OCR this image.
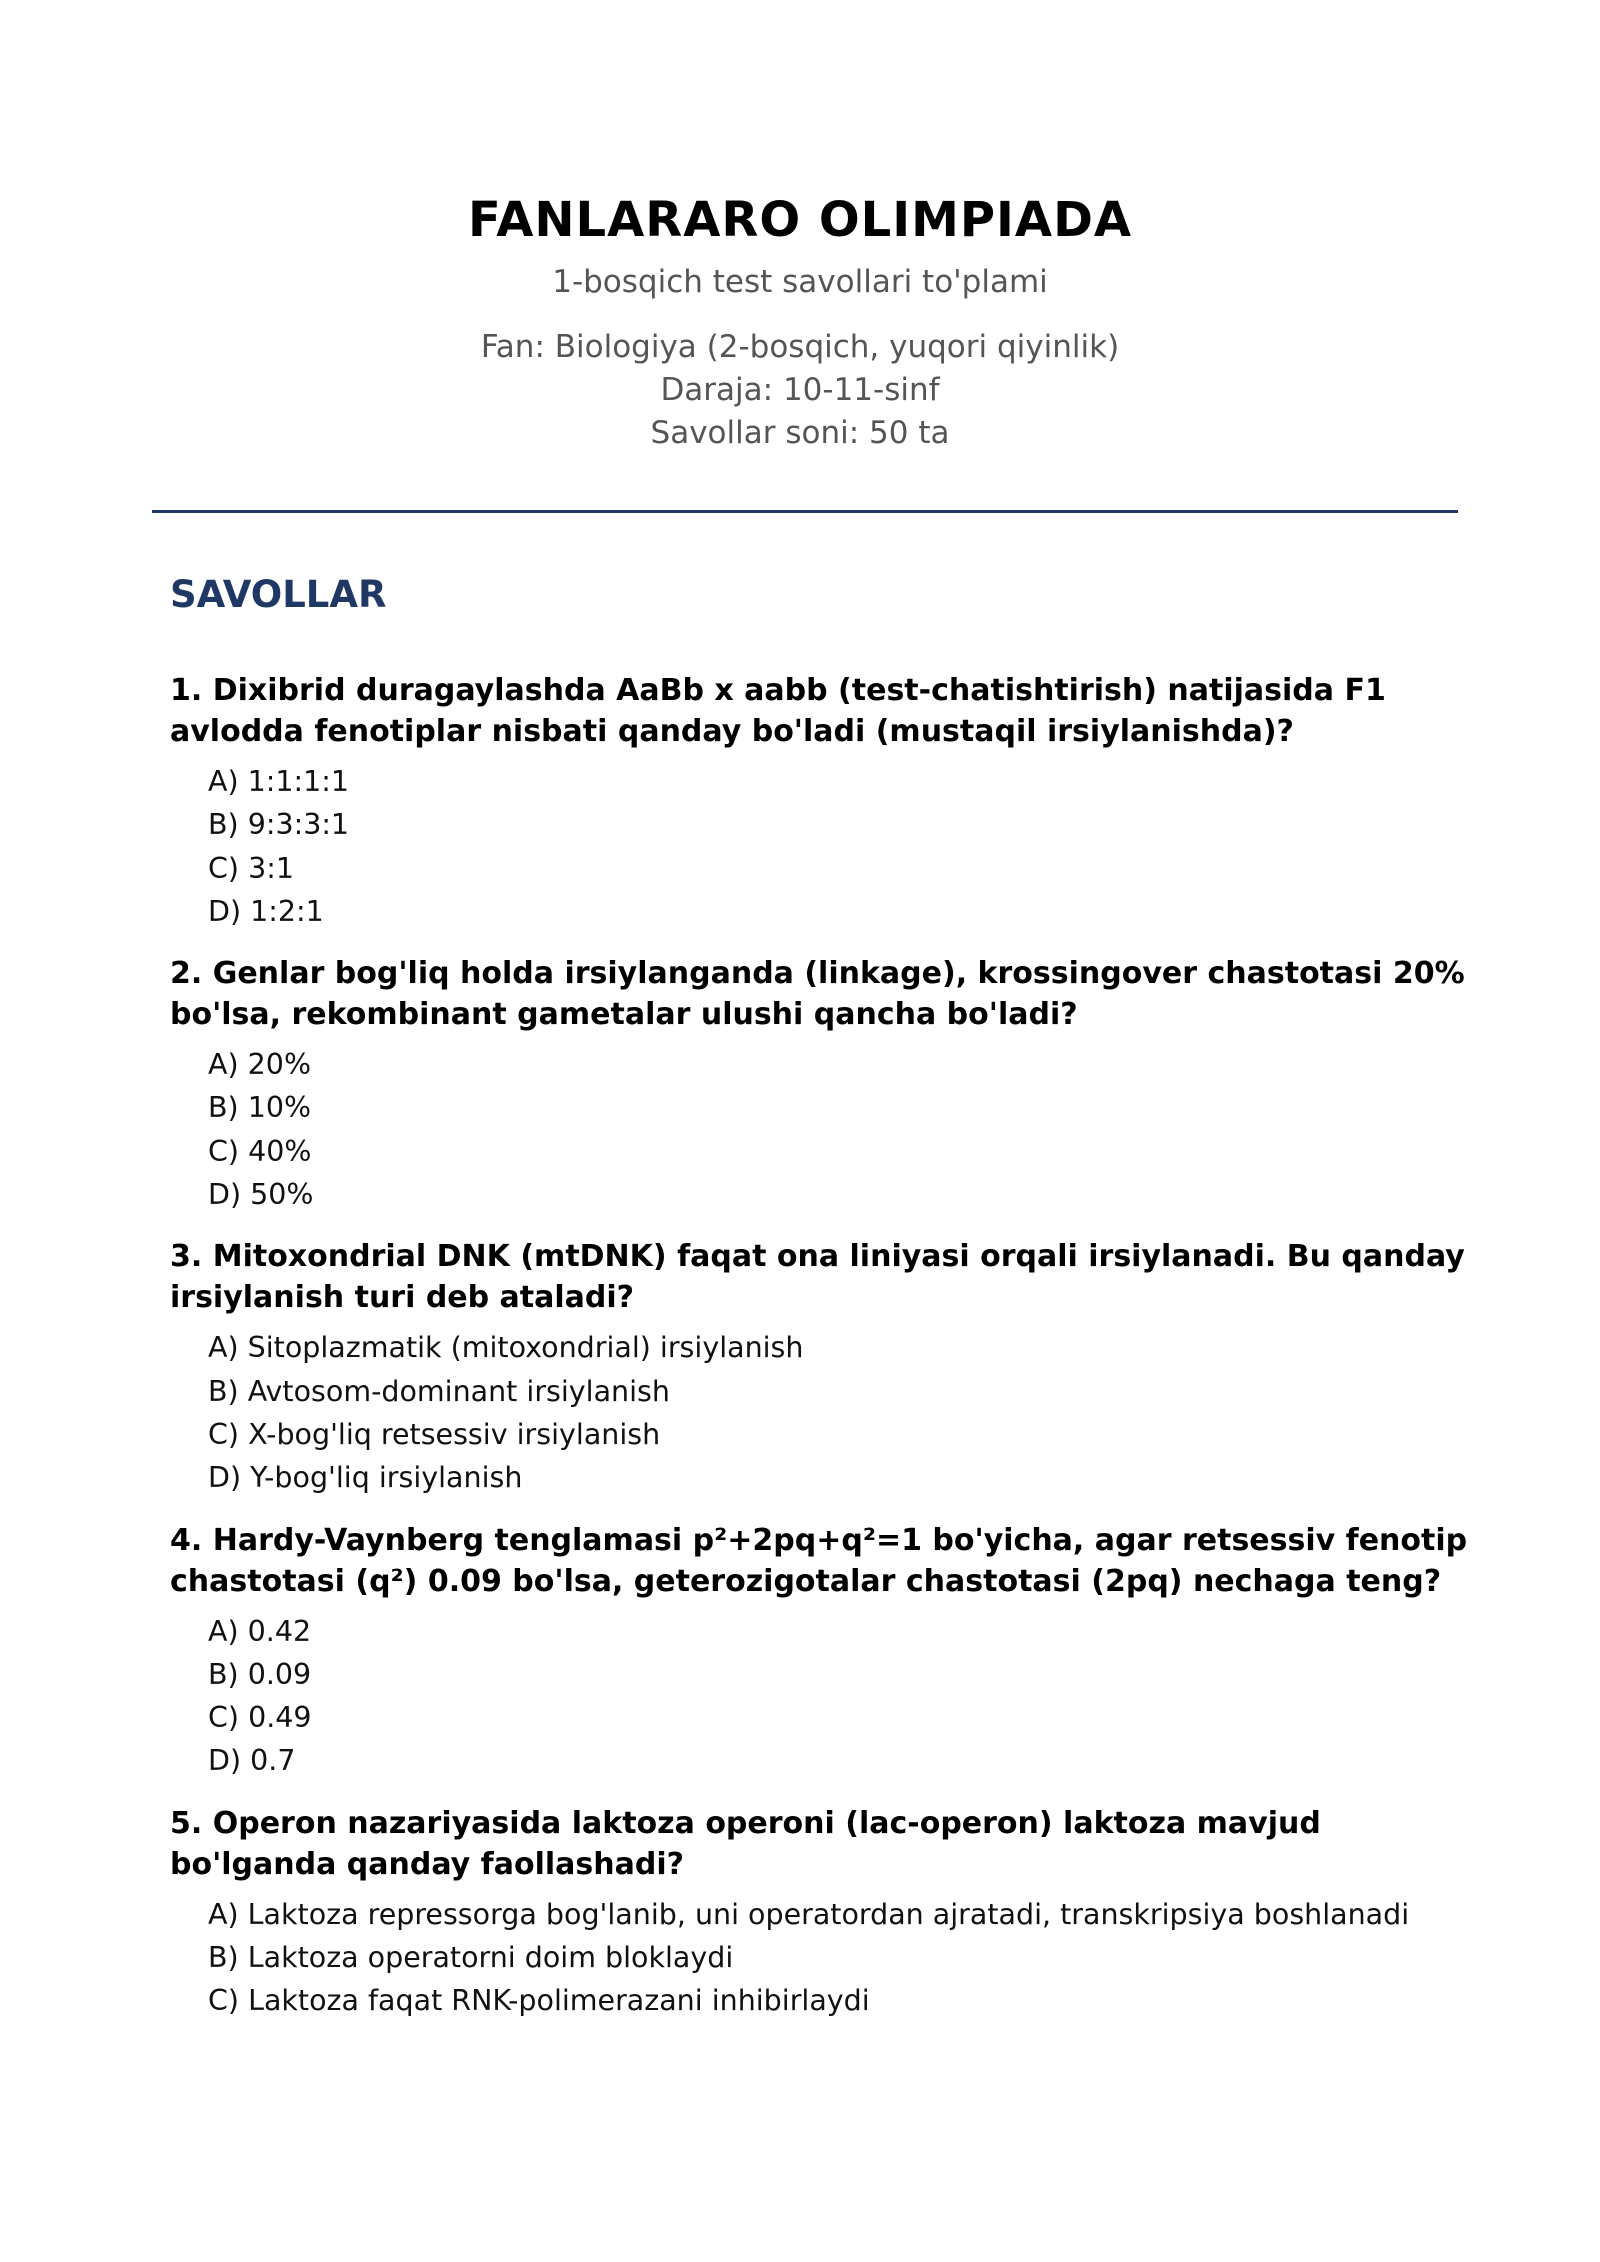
FANLARARO OLIMPIADA
1-bosqich test savollari to'plami
Fan: Biologiya (2-bosqich, yuqori qiyinlik)
Daraja: 10-11-sinf
Savollar soni: 50 ta
SAVOLLAR

1. Dixibrid duragaylashda AaBb x aabb (test-chatishtirish) natijasida F1 avlodda fenotiplar nisbati qanday bo'ladi (mustaqil irsiylanishda)?

A) 1:1:1:1
B) 9:3:3:1
C) 3:1
D) 1:2:1

2. Genlar bog'liq holda irsiylanganda (linkage), krossingover chastotasi 20% bo'lsa, rekombinant gametalar ulushi qancha bo'ladi?

A) 20%
B) 10%
C) 40%
D) 50%

3. Mitoxondrial DNK (mtDNK) faqat ona liniyasi orqali irsiylanadi. Bu qanday irsiylanish turi deb ataladi?

A) Sitoplazmatik (mitoxondrial) irsiylanish
B) Avtosom-dominant irsiylanish
C) X-bog'liq retsessiv irsiylanish
D) Y-bog'liq irsiylanish

4. Hardy-Vaynberg tenglamasi p²+2pq+q²=1 bo'yicha, agar retsessiv fenotip chastotasi (q²) 0.09 bo'lsa, geterozigotalar chastotasi (2pq) nechaga teng?

A) 0.42
B) 0.09
C) 0.49
D) 0.7

5. Operon nazariyasida laktoza operoni (lac-operon) laktoza mavjud bo'lganda qanday faollashadi?

A) Laktoza repressorga bog'lanib, uni operatordan ajratadi, transkripsiya boshlanadi
B) Laktoza operatorni doim bloklaydi
C) Laktoza faqat RNK-polimerazani inhibirlaydi
